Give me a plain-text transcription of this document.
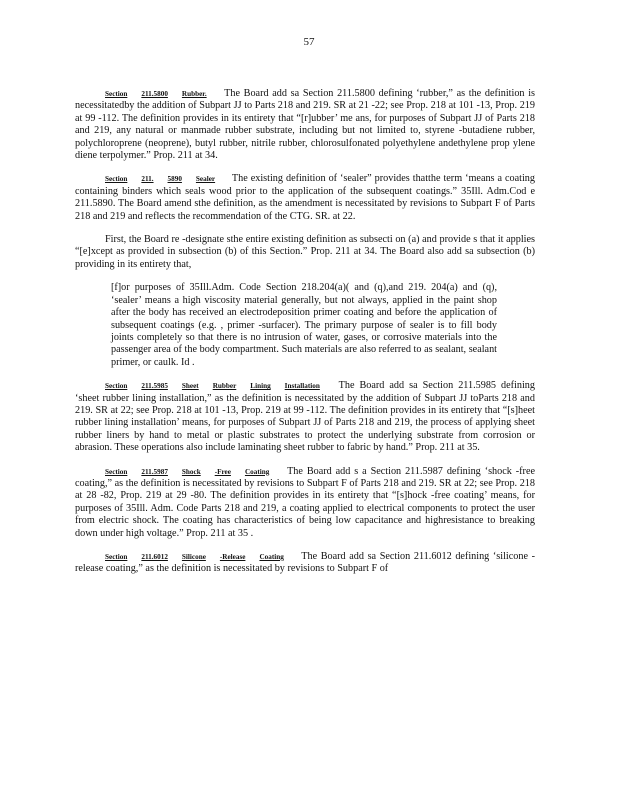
57

Section 211.5800 Rubber. The Board add sa Section 211.5800 defining ‘rubber,” as the definition is necessitatedby the addition of Subpart JJ to Parts 218 and 219. SR at 21 -22; see Prop. 218 at 101 -13, Prop. 219 at 99 -112. The definition provides in its entirety that “[r]ubber’ me ans, for purposes of Subpart JJ of Parts 218 and 219, any natural or manmade rubber substrate, including but not limited to, styrene -butadiene rubber, polychloroprene (neoprene), butyl rubber, nitrile rubber, chlorosulfonated polyethylene andethylene prop ylene diene terpolymer.” Prop. 211 at 34.

Section 211. 5890 Sealer The existing definition of ‘sealer” provides thatthe term ‘means a coating containing binders which seals wood prior to the application of the subsequent coatings.” 35Ill. Adm.Cod e 211.5890. The Board amend sthe definition, as the amendment is necessitated by revisions to Subpart F of Parts 218 and 219 and reflects the recommendation of the CTG. SR. at 22.

First, the Board re -designate sthe entire existing definition as subsecti on (a) and provide s that it applies “[e]xcept as provided in subsection (b) of this Section.” Prop. 211 at 34. The Board also add sa subsection (b) providing in its entirety that,

[f]or purposes of 35Ill.Adm. Code Section 218.204(a)( and (q),and 219. 204(a) and (q), ‘sealer’ means a high viscosity material generally, but not always, applied in the paint shop after the body has received an electrodeposition primer coating and before the application of subsequent coatings (e.g. , primer -surfacer). The primary purpose of sealer is to fill body joints completely so that there is no intrusion of water, gases, or corrosive materials into the passenger area of the body compartment. Such materials are also referred to as sealant, sealant primer, or caulk. Id .

Section 211.5985 Sheet Rubber Lining Installation The Board add sa Section 211.5985 defining ‘sheet rubber lining installation,” as the definition is necessitated by the addition of Subpart JJ toParts 218 and 219. SR at 22; see Prop. 218 at 101 -13, Prop. 219 at 99 -112. The definition provides in its entirety that “[s]heet rubber lining installation’ means, for purposes of Subpart JJ of Parts 218 and 219, the process of applying sheet rubber liners by hand to metal or plastic substrates to protect the underlying substrate from corrosion or abrasion. These operations also include laminating sheet rubber to fabric by hand.” Prop. 211 at 35.

Section 211.5987 Shock -Free Coating The Board add s a Section 211.5987 defining ‘shock -free coating,” as the definition is necessitated by revisions to Subpart F of Parts 218 and 219. SR at 22; see Prop. 218 at 28 -82, Prop. 219 at 29 -80. The definition provides in its entirety that “[s]hock -free coating’ means, for purposes of 35Ill. Adm. Code Parts 218 and 219, a coating applied to electrical components to protect the user from electric shock. The coating has characteristics of being low capacitance and highresistance to breaking down under high voltage.” Prop. 211 at 35 .

Section 211.6012 Silicone -Release Coating The Board add sa Section 211.6012 defining ‘silicone -release coating,” as the definition is necessitated by revisions to Subpart F of
